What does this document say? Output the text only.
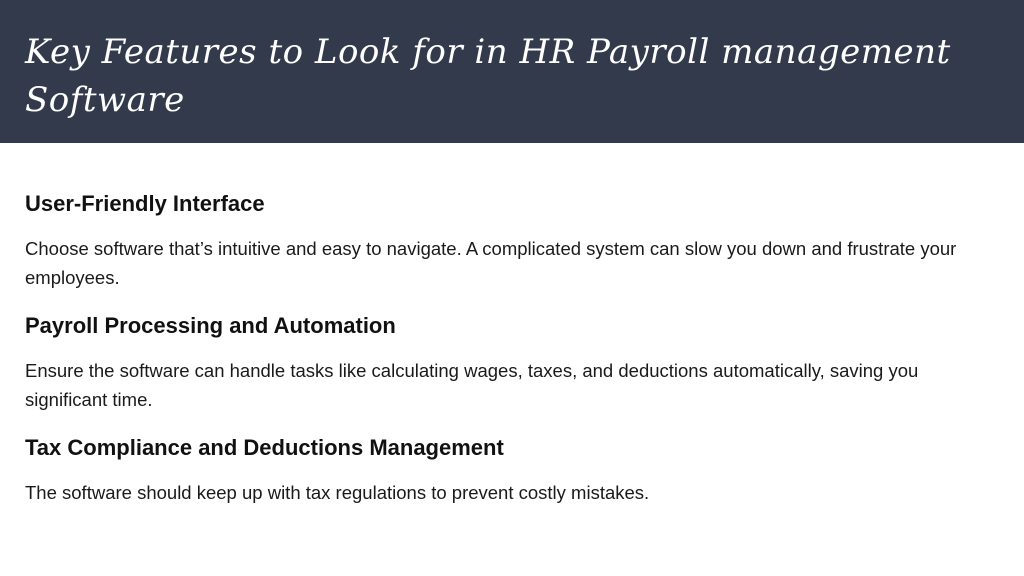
Key Features to Look for in HR Payroll management Software
User-Friendly Interface

Choose software that’s intuitive and easy to navigate. A complicated system can slow you down and frustrate your employees.

Payroll Processing and Automation

Ensure the software can handle tasks like calculating wages, taxes, and deductions automatically, saving you significant time.

Tax Compliance and Deductions Management

The software should keep up with tax regulations to prevent costly mistakes.
